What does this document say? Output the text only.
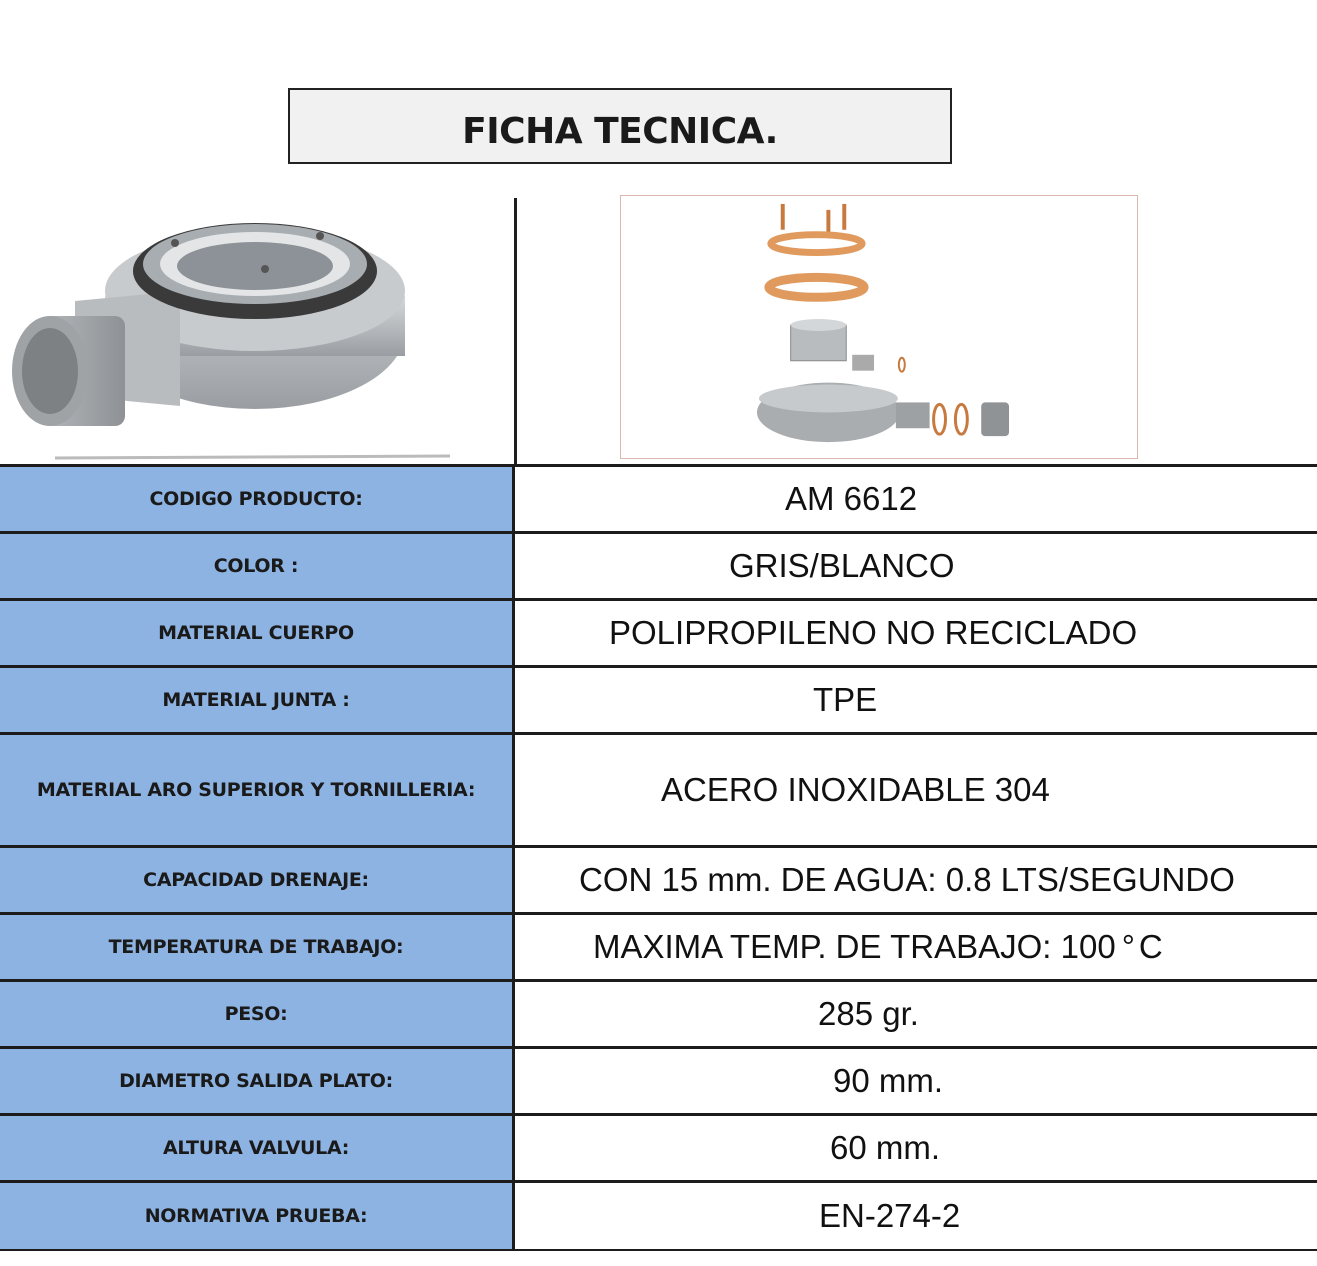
FICHA TECNICA.
CODIGO PRODUCTO:	AM 6612
COLOR :	GRIS/BLANCO
MATERIAL CUERPO	POLIPROPILENO NO RECICLADO
MATERIAL JUNTA :	TPE
MATERIAL ARO SUPERIOR Y TORNILLERIA:	ACERO INOXIDABLE 304
CAPACIDAD DRENAJE:	CON 15 mm. DE AGUA: 0.8 LTS/SEGUNDO
TEMPERATURA DE TRABAJO:	MAXIMA TEMP. DE TRABAJO: 100 ° C
PESO:	285 gr.
DIAMETRO SALIDA PLATO:	90 mm.
ALTURA VALVULA:	60 mm.
NORMATIVA PRUEBA:	EN-274-2
